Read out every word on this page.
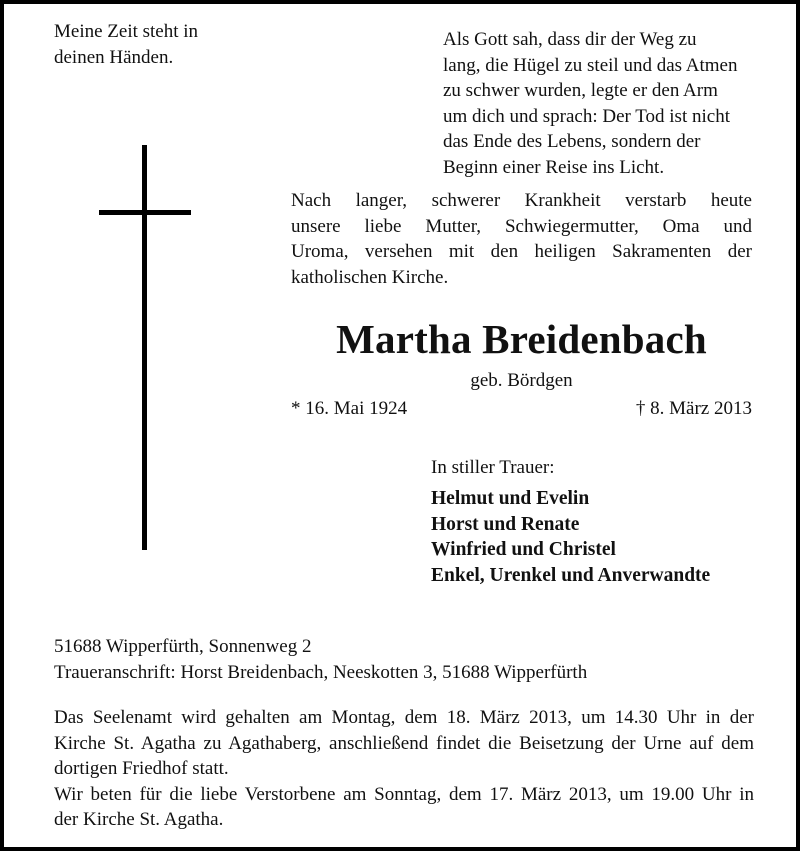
Meine Zeit steht in
deinen Händen.
Als Gott sah, dass dir der Weg zu
lang, die Hügel zu steil und das Atmen
zu schwer wurden, legte er den Arm
um dich und sprach: Der Tod ist nicht
das Ende des Lebens, sondern der
Beginn einer Reise ins Licht.
Nach langer, schwerer Krankheit verstarb heute
unsere liebe Mutter, Schwiegermutter, Oma und
Uroma, versehen mit den heiligen Sakramenten der
katholischen Kirche.
Martha Breidenbach
geb. Bördgen
* 16. Mai 1924	† 8. März 2013
In stiller Trauer:
Helmut und Evelin
Horst und Renate
Winfried und Christel
Enkel, Urenkel und Anverwandte
51688 Wipperfürth, Sonnenweg 2
Traueranschrift: Horst Breidenbach, Neeskotten 3, 51688 Wipperfürth
Das Seelenamt wird gehalten am Montag, dem 18. März 2013, um 14.30 Uhr in der
Kirche St. Agatha zu Agathaberg, anschließend findet die Beisetzung der Urne auf dem
dortigen Friedhof statt.
Wir beten für die liebe Verstorbene am Sonntag, dem 17. März 2013, um 19.00 Uhr in
der Kirche St. Agatha.
